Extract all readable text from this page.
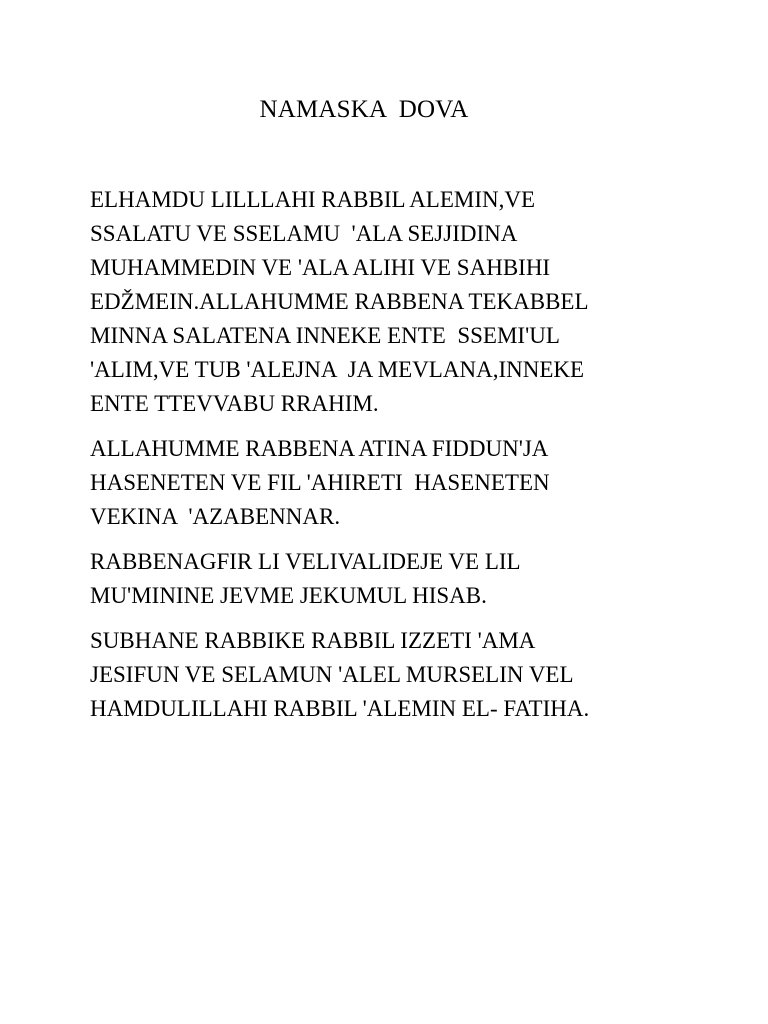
NAMASKA  DOVA
ELHAMDU LILLLAHI RABBIL ALEMIN,VE
SSALATU VE SSELAMU  'ALA SEJJIDINA
MUHAMMEDIN VE 'ALA ALIHI VE SAHBIHI
EDŽMEIN.ALLAHUMME RABBENA TEKABBEL
MINNA SALATENA INNEKE ENTE  SSEMI'UL
'ALIM,VE TUB 'ALEJNA  JA MEVLANA,INNEKE
ENTE TTEVVABU RRAHIM.
ALLAHUMME RABBENA ATINA FIDDUN'JA
HASENETEN VE FIL 'AHIRETI  HASENETEN
VEKINA  'AZABENNAR.
RABBENAGFIR LI VELIVALIDEJE VE LIL
MU'MININE JEVME JEKUMUL HISAB.
SUBHANE RABBIKE RABBIL IZZETI 'AMA
JESIFUN VE SELAMUN 'ALEL MURSELIN VEL
HAMDULILLAHI RABBIL 'ALEMIN EL- FATIHA.
